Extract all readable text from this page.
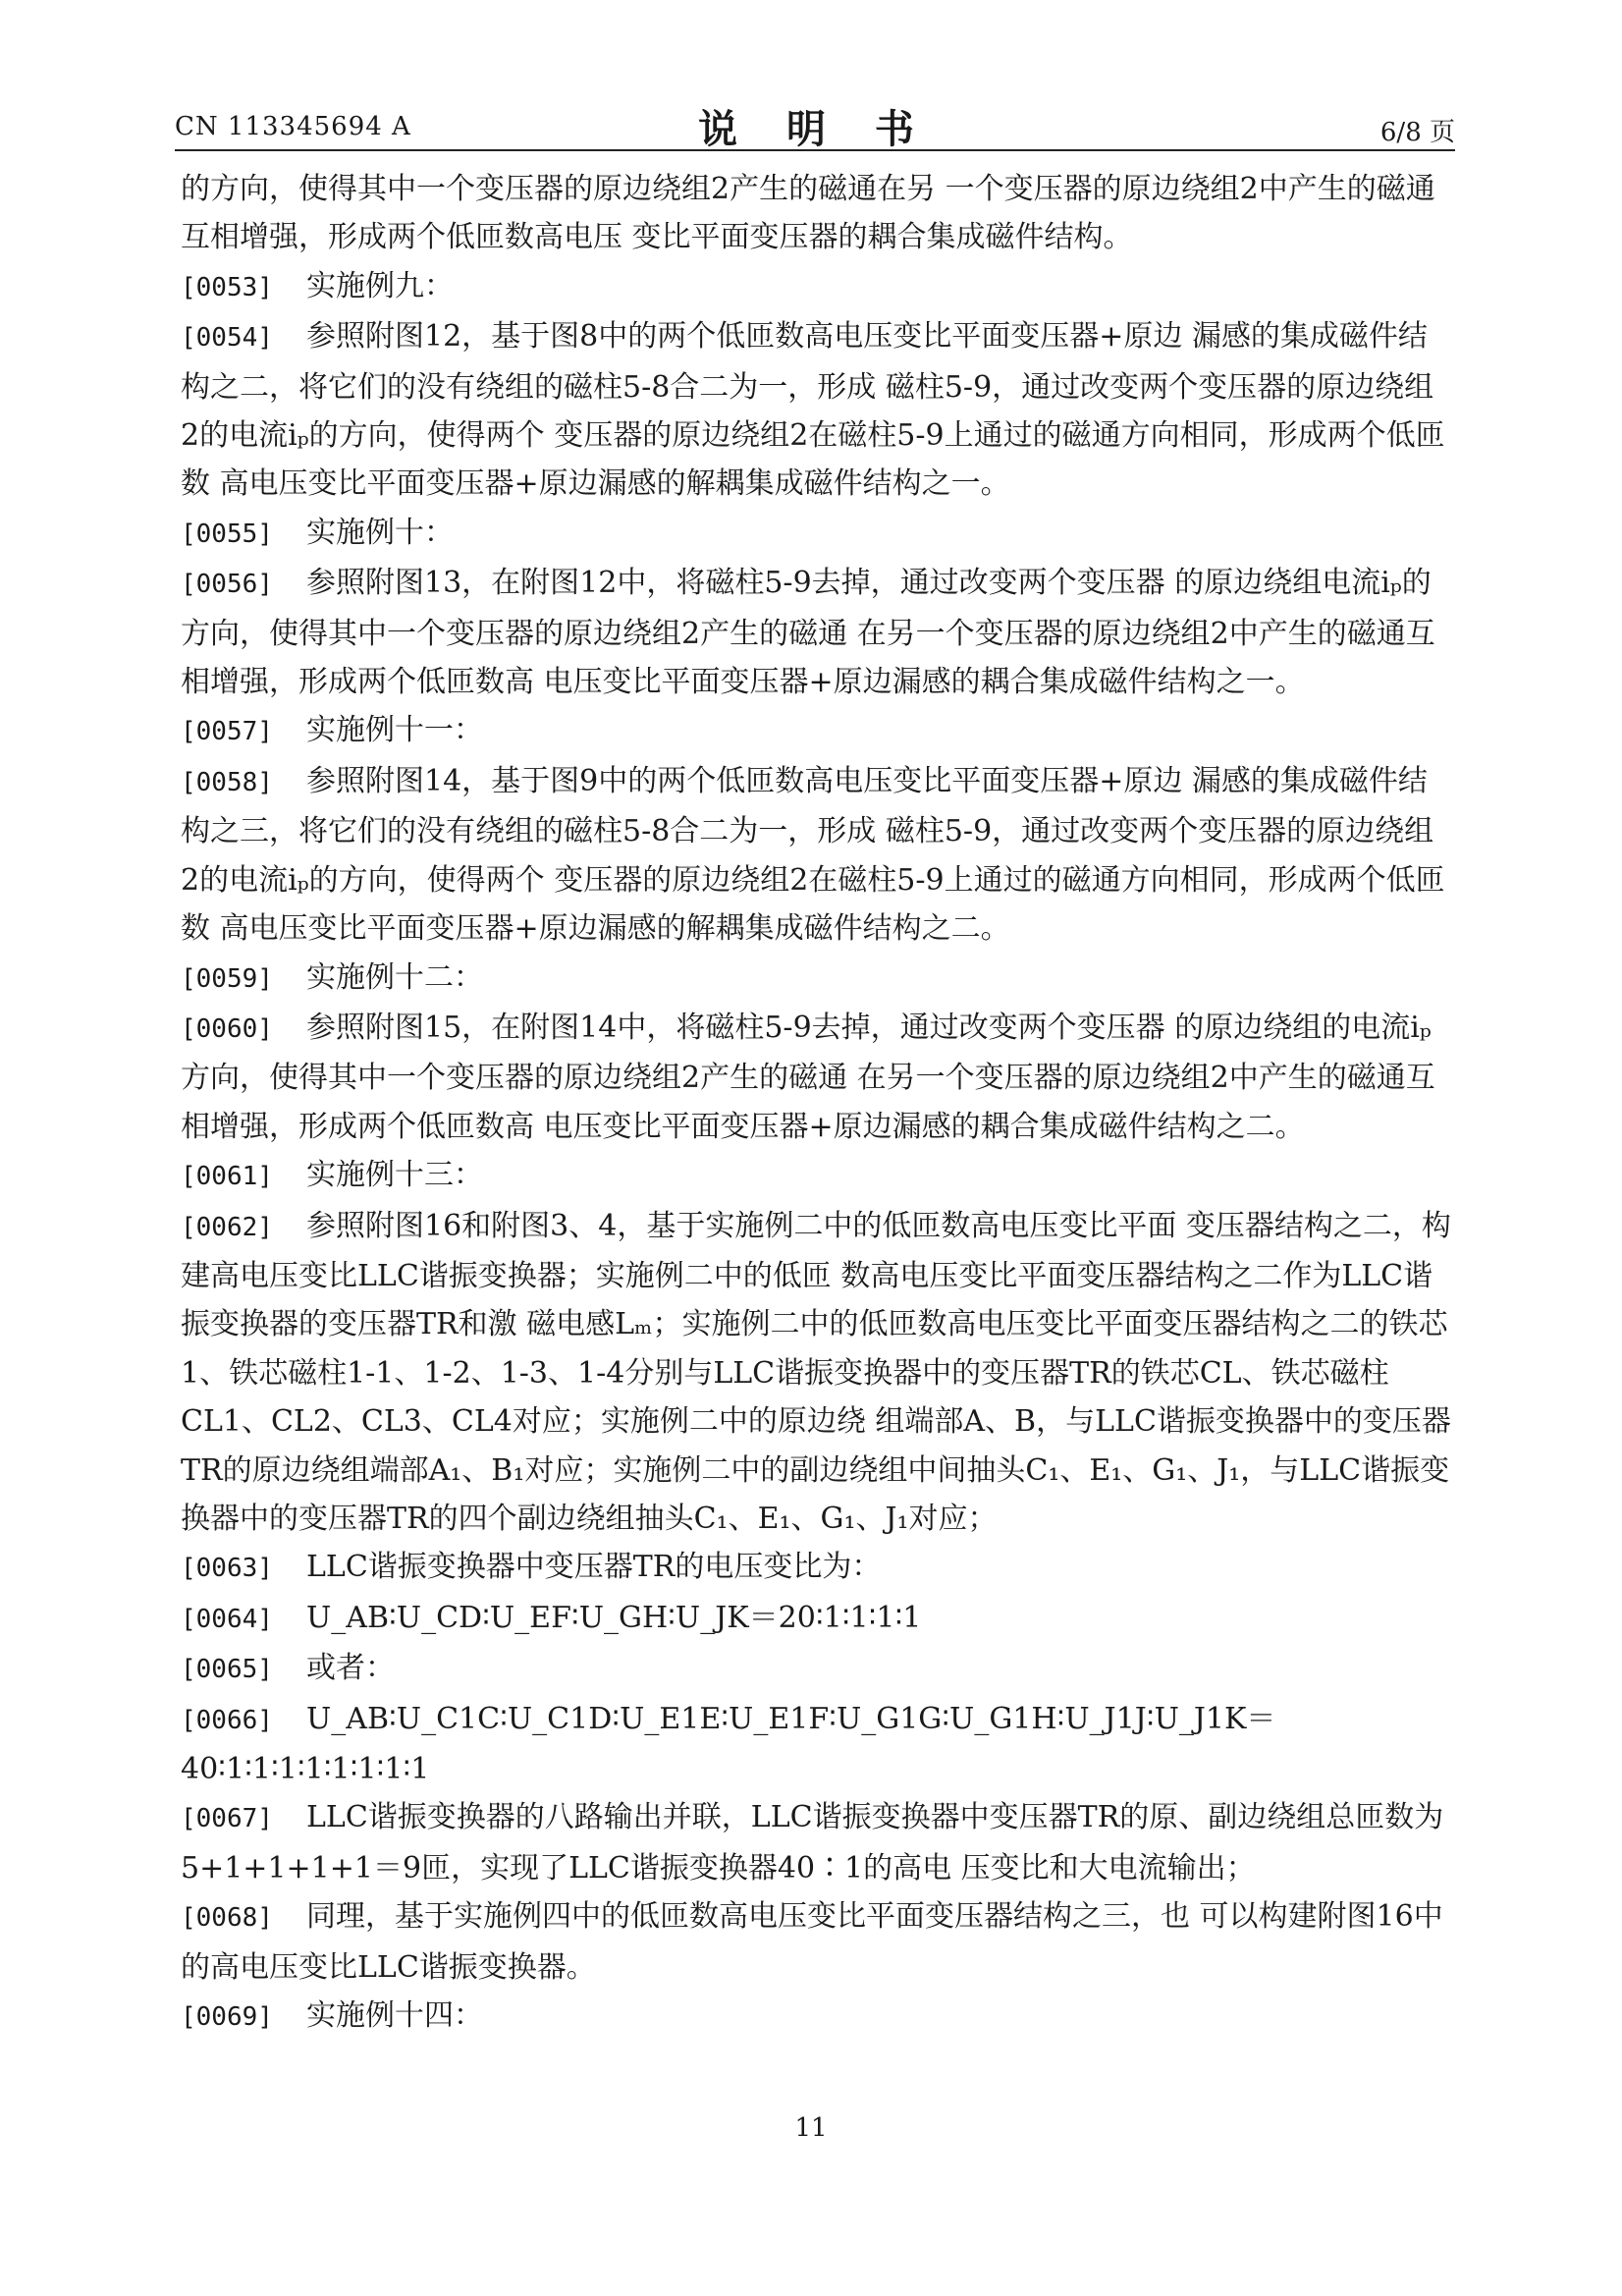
CN 113345694 A	说 明 书	6/8 页

的方向，使得其中一个变压器的原边绕组2产生的磁通在另 一个变压器的原边绕组2中产生的磁通互相增强，形成两个低匝数高电压 变比平面变压器的耦合集成磁件结构。

[0053] 实施例九：

[0054] 参照附图12，基于图8中的两个低匝数高电压变比平面变压器+原边 漏感的集成磁件结构之二，将它们的没有绕组的磁柱5-8合二为一，形成 磁柱5-9，通过改变两个变压器的原边绕组2的电流iₚ的方向，使得两个 变压器的原边绕组2在磁柱5-9上通过的磁通方向相同，形成两个低匝数 高电压变比平面变压器+原边漏感的解耦集成磁件结构之一。

[0055] 实施例十：

[0056] 参照附图13，在附图12中，将磁柱5-9去掉，通过改变两个变压器 的原边绕组电流iₚ的方向，使得其中一个变压器的原边绕组2产生的磁通 在另一个变压器的原边绕组2中产生的磁通互相增强，形成两个低匝数高 电压变比平面变压器+原边漏感的耦合集成磁件结构之一。

[0057] 实施例十一：

[0058] 参照附图14，基于图9中的两个低匝数高电压变比平面变压器+原边 漏感的集成磁件结构之三，将它们的没有绕组的磁柱5-8合二为一，形成 磁柱5-9，通过改变两个变压器的原边绕组2的电流iₚ的方向，使得两个 变压器的原边绕组2在磁柱5-9上通过的磁通方向相同，形成两个低匝数 高电压变比平面变压器+原边漏感的解耦集成磁件结构之二。

[0059] 实施例十二：

[0060] 参照附图15，在附图14中，将磁柱5-9去掉，通过改变两个变压器 的原边绕组的电流iₚ方向，使得其中一个变压器的原边绕组2产生的磁通 在另一个变压器的原边绕组2中产生的磁通互相增强，形成两个低匝数高 电压变比平面变压器+原边漏感的耦合集成磁件结构之二。

[0061] 实施例十三：

[0062] 参照附图16和附图3、4，基于实施例二中的低匝数高电压变比平面 变压器结构之二，构建高电压变比LLC谐振变换器；实施例二中的低匝 数高电压变比平面变压器结构之二作为LLC谐振变换器的变压器TR和激 磁电感Lₘ；实施例二中的低匝数高电压变比平面变压器结构之二的铁芯 1、铁芯磁柱1-1、1-2、1-3、1-4分别与LLC谐振变换器中的变压器TR的铁芯CL、铁芯磁柱CL1、CL2、CL3、CL4对应；实施例二中的原边绕 组端部A、B，与LLC谐振变换器中的变压器TR的原边绕组端部A₁、B₁对应；实施例二中的副边绕组中间抽头C₁、E₁、G₁、J₁，与LLC谐振变 换器中的变压器TR的四个副边绕组抽头C₁、E₁、G₁、J₁对应；

[0063] LLC谐振变换器中变压器TR的电压变比为：

[0064] U_AB∶U_CD∶U_EF∶U_GH∶U_JK＝20∶1∶1∶1∶1

[0065] 或者：

[0066] U_AB∶U_C1C∶U_C1D∶U_E1E∶U_E1F∶U_G1G∶U_G1H∶U_J1J∶U_J1K＝40∶1∶1∶1∶1∶1∶1∶1∶1

[0067] LLC谐振变换器的八路输出并联，LLC谐振变换器中变压器TR的原、副边绕组总匝数为5+1+1+1+1＝9匝，实现了LLC谐振变换器40∶1的高电 压变比和大电流输出；

[0068] 同理，基于实施例四中的低匝数高电压变比平面变压器结构之三，也 可以构建附图16中的高电压变比LLC谐振变换器。

[0069] 实施例十四：

11
